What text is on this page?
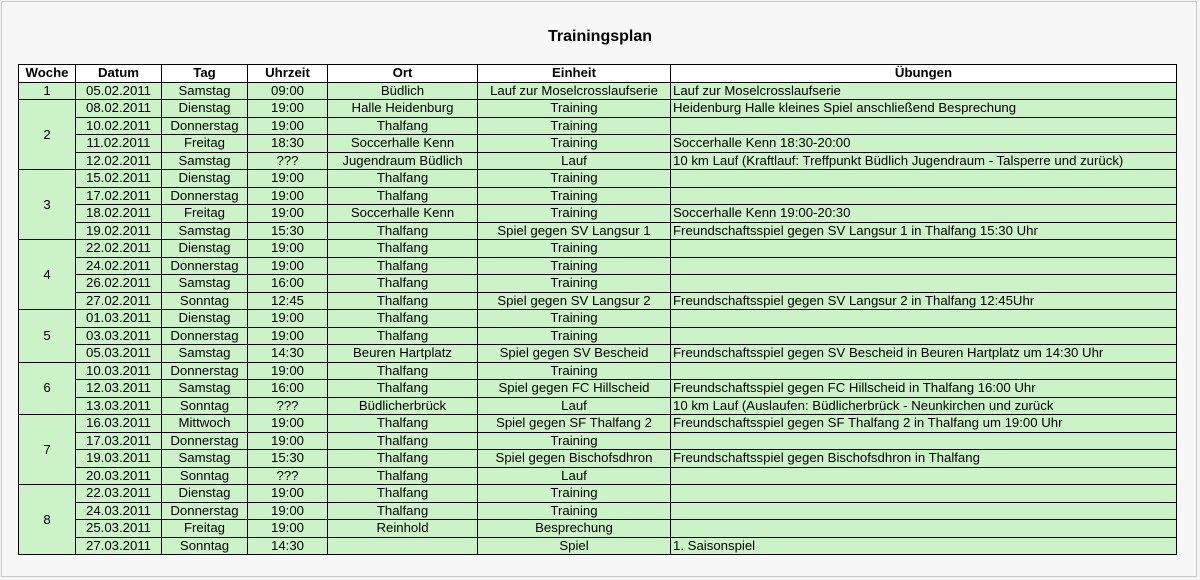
Trainingsplan
Woche	Datum	Tag	Uhrzeit	Ort	Einheit	Übungen
1	05.02.2011	Samstag	09:00	Büdlich	Lauf zur Moselcrosslaufserie	Lauf zur Moselcrosslaufserie
2	08.02.2011	Dienstag	19:00	Halle Heidenburg	Training	Heidenburg Halle kleines Spiel anschließend Besprechung
	10.02.2011	Donnerstag	19:00	Thalfang	Training	
	11.02.2011	Freitag	18:30	Soccerhalle Kenn	Training	Soccerhalle Kenn 18:30-20:00
	12.02.2011	Samstag	???	Jugendraum Büdlich	Lauf	10 km Lauf (Kraftlauf: Treffpunkt Büdlich Jugendraum - Talsperre und zurück)
3	15.02.2011	Dienstag	19:00	Thalfang	Training	
	17.02.2011	Donnerstag	19:00	Thalfang	Training	
	18.02.2011	Freitag	19:00	Soccerhalle Kenn	Training	Soccerhalle Kenn 19:00-20:30
	19.02.2011	Samstag	15:30	Thalfang	Spiel gegen SV Langsur 1	Freundschaftsspiel gegen SV Langsur 1 in Thalfang 15:30 Uhr
4	22.02.2011	Dienstag	19:00	Thalfang	Training	
	24.02.2011	Donnerstag	19:00	Thalfang	Training	
	26.02.2011	Samstag	16:00	Thalfang	Training	
	27.02.2011	Sonntag	12:45	Thalfang	Spiel gegen SV Langsur 2	Freundschaftsspiel gegen SV Langsur 2 in Thalfang 12:45Uhr
5	01.03.2011	Dienstag	19:00	Thalfang	Training	
	03.03.2011	Donnerstag	19:00	Thalfang	Training	
	05.03.2011	Samstag	14:30	Beuren Hartplatz	Spiel gegen SV Bescheid	Freundschaftsspiel gegen SV Bescheid in Beuren Hartplatz um 14:30 Uhr
6	10.03.2011	Donnerstag	19:00	Thalfang	Training	
	12.03.2011	Samstag	16:00	Thalfang	Spiel gegen FC Hillscheid	Freundschaftsspiel gegen FC Hillscheid in Thalfang 16:00 Uhr
	13.03.2011	Sonntag	???	Büdlicherbrück	Lauf	10 km Lauf (Auslaufen: Büdlicherbrück - Neunkirchen und zurück
7	16.03.2011	Mittwoch	19:00	Thalfang	Spiel gegen SF Thalfang 2	Freundschaftsspiel gegen SF Thalfang 2 in Thalfang um 19:00 Uhr
	17.03.2011	Donnerstag	19:00	Thalfang	Training	
	19.03.2011	Samstag	15:30	Thalfang	Spiel gegen Bischofsdhron	Freundschaftsspiel gegen Bischofsdhron in Thalfang
	20.03.2011	Sonntag	???	Thalfang	Lauf	
8	22.03.2011	Dienstag	19:00	Thalfang	Training	
	24.03.2011	Donnerstag	19:00	Thalfang	Training	
	25.03.2011	Freitag	19:00	Reinhold	Besprechung	
	27.03.2011	Sonntag	14:30		Spiel	1. Saisonspiel
